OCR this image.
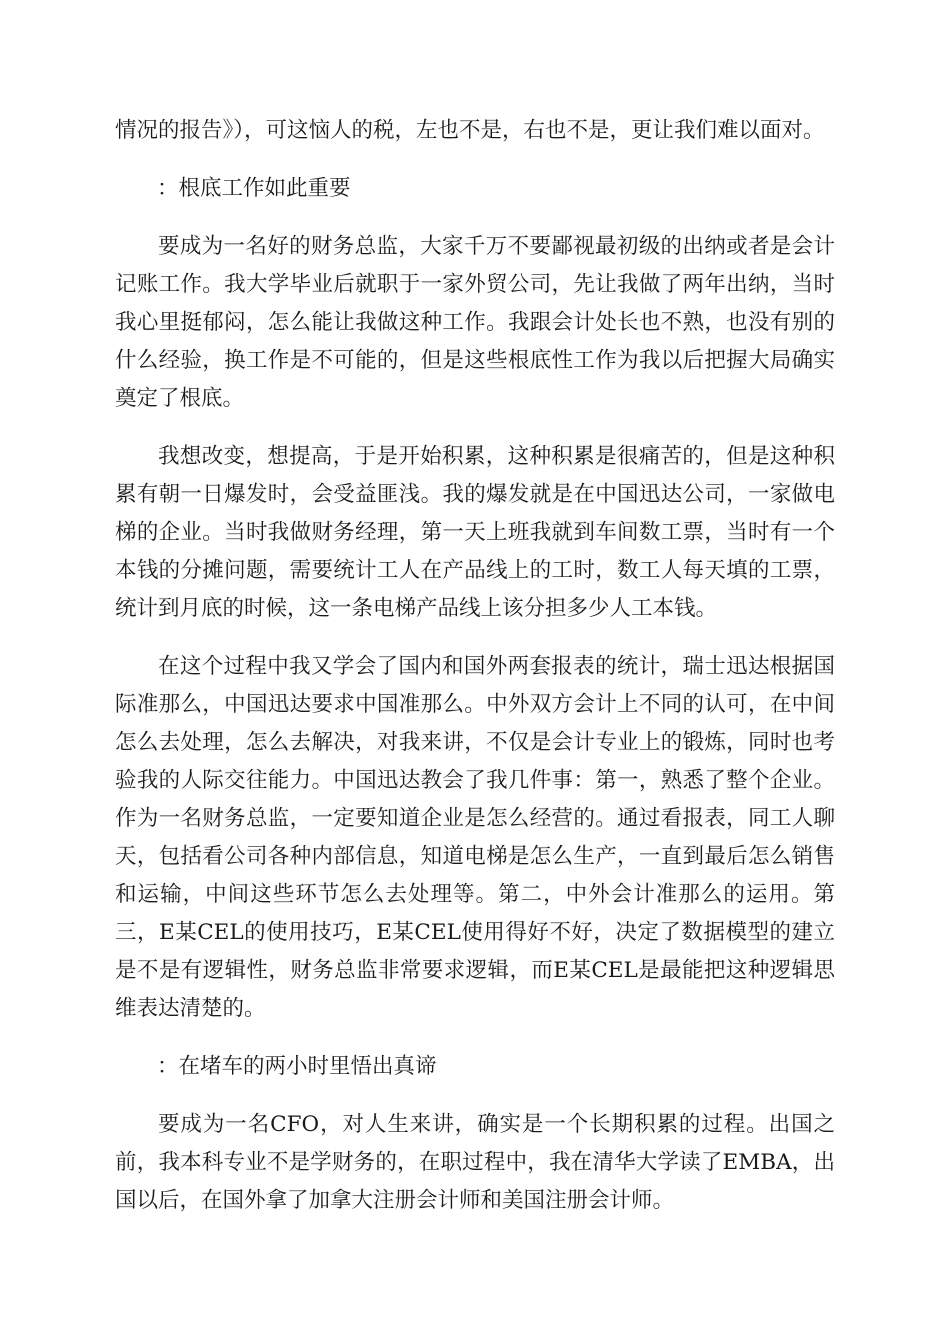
情况的报告》），可这恼人的税，左也不是，右也不是，更让我们难以面对。

：根底工作如此重要

要成为一名好的财务总监，大家千万不要鄙视最初级的出纳或者是会计记账工作。我大学毕业后就职于一家外贸公司，先让我做了两年出纳，当时我心里挺郁闷，怎么能让我做这种工作。我跟会计处长也不熟，也没有别的什么经验，换工作是不可能的，但是这些根底性工作为我以后把握大局确实奠定了根底。

我想改变，想提高，于是开始积累，这种积累是很痛苦的，但是这种积累有朝一日爆发时，会受益匪浅。我的爆发就是在中国迅达公司，一家做电梯的企业。当时我做财务经理，第一天上班我就到车间数工票，当时有一个本钱的分摊问题，需要统计工人在产品线上的工时，数工人每天填的工票，统计到月底的时候，这一条电梯产品线上该分担多少人工本钱。

在这个过程中我又学会了国内和国外两套报表的统计，瑞士迅达根据国际准那么，中国迅达要求中国准那么。中外双方会计上不同的认可，在中间怎么去处理，怎么去解决，对我来讲，不仅是会计专业上的锻炼，同时也考验我的人际交往能力。中国迅达教会了我几件事：第一，熟悉了整个企业。作为一名财务总监，一定要知道企业是怎么经营的。通过看报表，同工人聊天，包括看公司各种内部信息，知道电梯是怎么生产，一直到最后怎么销售和运输，中间这些环节怎么去处理等。第二，中外会计准那么的运用。第三，E某CEL的使用技巧，E某CEL使用得好不好，决定了数据模型的建立是不是有逻辑性，财务总监非常要求逻辑，而E某CEL是最能把这种逻辑思维表达清楚的。

：在堵车的两小时里悟出真谛

要成为一名CFO，对人生来讲，确实是一个长期积累的过程。出国之前，我本科专业不是学财务的，在职过程中，我在清华大学读了EMBA，出国以后，在国外拿了加拿大注册会计师和美国注册会计师。
